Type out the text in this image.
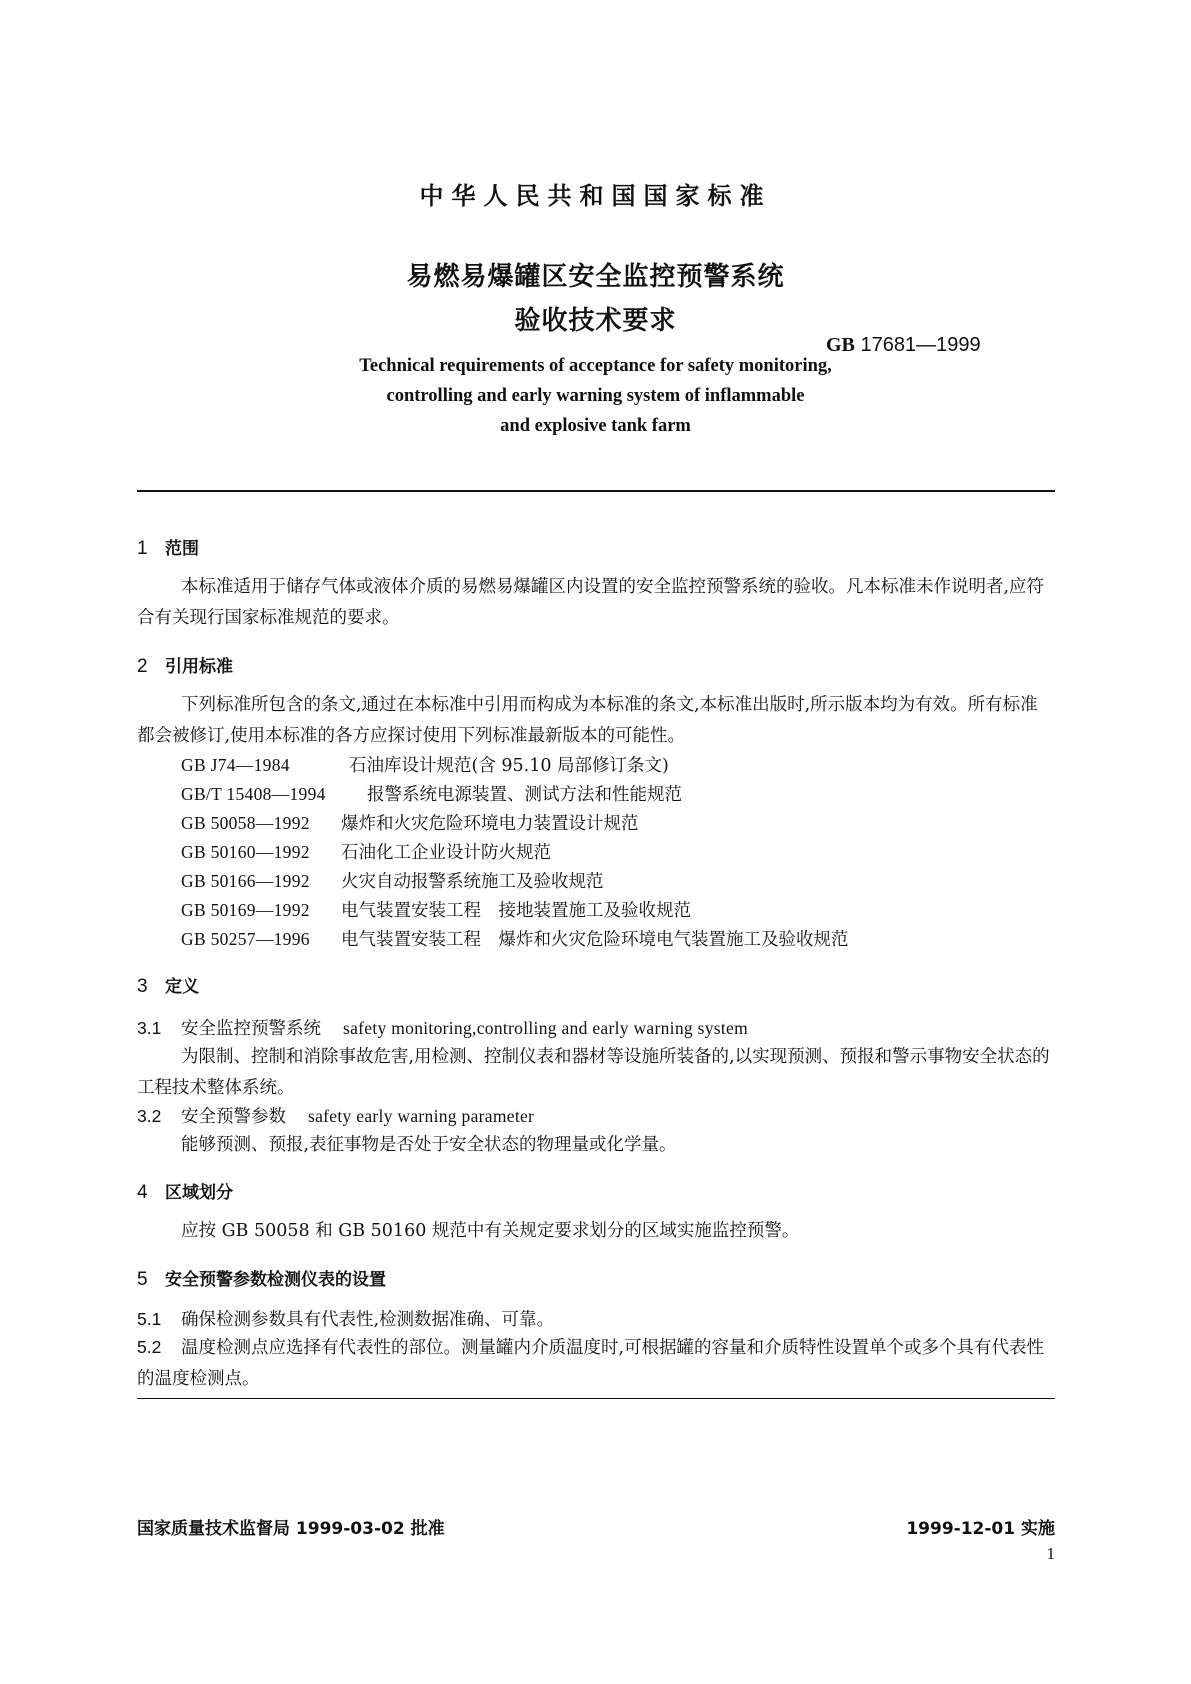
中华人民共和国国家标准
易燃易爆罐区安全监控预警系统
验收技术要求
GB 17681—1999
Technical requirements of acceptance for safety monitoring,
controlling and early warning system of inflammable
and explosive tank farm
1 范围
本标准适用于储存气体或液体介质的易燃易爆罐区内设置的安全监控预警系统的验收。凡本标准未作说明者,应符合有关现行国家标准规范的要求。
2 引用标准
下列标准所包含的条文,通过在本标准中引用而构成为本标准的条文,本标准出版时,所示版本均为有效。所有标准都会被修订,使用本标准的各方应探讨使用下列标准最新版本的可能性。
GB J74—1984	石油库设计规范(含 95.10 局部修订条文)
GB/T 15408—1994 报警系统电源装置、测试方法和性能规范
GB 50058—1992 爆炸和火灾危险环境电力装置设计规范
GB 50160—1992 石油化工企业设计防火规范
GB 50166—1992 火灾自动报警系统施工及验收规范
GB 50169—1992 电气装置安装工程　接地装置施工及验收规范
GB 50257—1996 电气装置安装工程　爆炸和火灾危险环境电气装置施工及验收规范
3 定义
3.1 安全监控预警系统 safety monitoring,controlling and early warning system
为限制、控制和消除事故危害,用检测、控制仪表和器材等设施所装备的,以实现预测、预报和警示事物安全状态的工程技术整体系统。
3.2 安全预警参数 safety early warning parameter
能够预测、预报,表征事物是否处于安全状态的物理量或化学量。
4 区域划分
应按 GB 50058 和 GB 50160 规范中有关规定要求划分的区域实施监控预警。
5 安全预警参数检测仪表的设置
5.1 确保检测参数具有代表性,检测数据准确、可靠。
5.2 温度检测点应选择有代表性的部位。测量罐内介质温度时,可根据罐的容量和介质特性设置单个或多个具有代表性的温度检测点。
国家质量技术监督局 1999-03-02 批准	1999-12-01 实施
1
